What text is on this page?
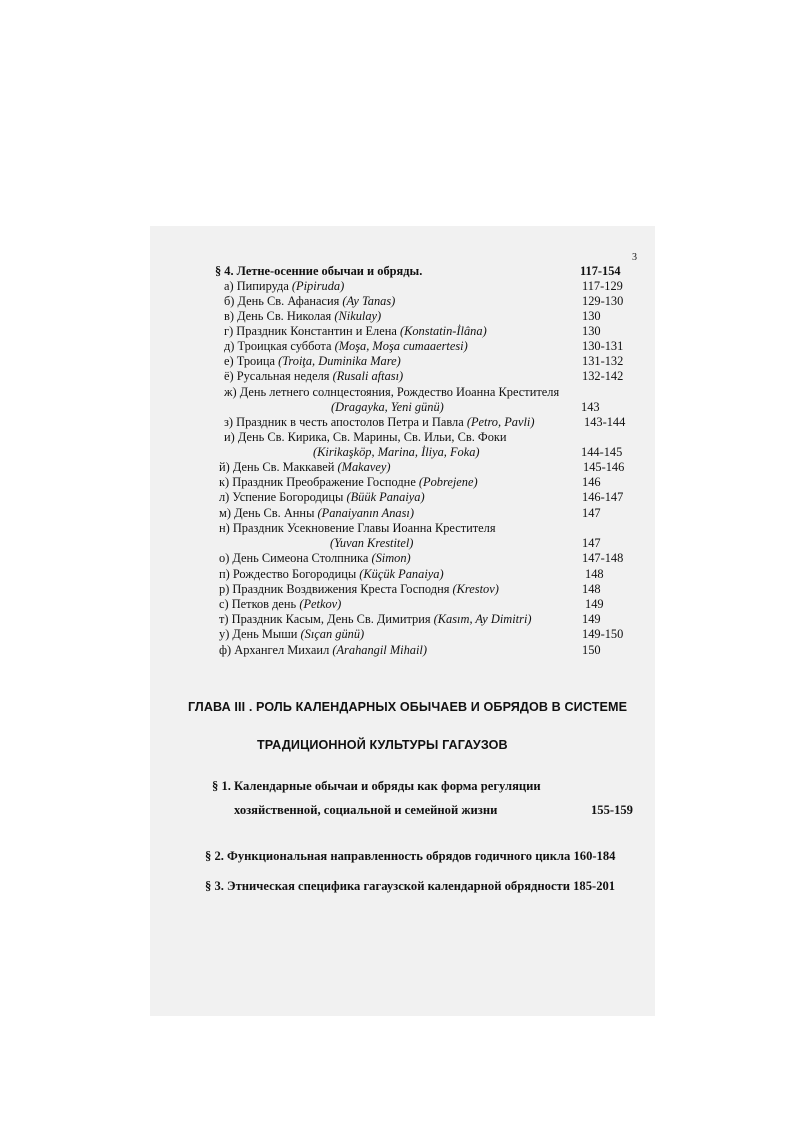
3
§ 4. Летне-осенние обычаи и обряды.	117-154
а) Пипируда (Pipiruda)	117-129
б) День Св. Афанасия (Ay Tanas)	129-130
в) День Св. Николая (Nikulay)	130
г) Праздник Константин и Елена (Konstatin-İlâna)	130
д) Троицкая суббота (Moşa, Moşa cumaaertesi)	130-131
е) Троица (Troiţa, Duminika Mare)	131-132
ё) Русальная неделя (Rusali aftası)	132-142
ж) День летнего солнцестояния, Рождество Иоанна Крестителя
(Dragayka, Yeni günü)	143
з) Праздник в честь апостолов Петра и Павла (Petro, Pavli)	143-144
и) День Св. Кирика, Св. Марины, Св. Ильи, Св. Фоки
(Kirikaşköp, Marina, İliya, Foka)	144-145
й) День Св. Маккавей (Makavey)	145-146
к) Праздник Преображение Господне (Pobrejene)	146
л) Успение Богородицы (Büük Panaiya)	146-147
м) День Св. Анны (Panaiyanın Anası)	147
н) Праздник Усекновение Главы Иоанна Крестителя
(Yuvan Krestitel)	147
о) День Симеона Столпника (Simon)	147-148
п) Рождество Богородицы (Küçük Panaiya)	148
р) Праздник Воздвижения Креста Господня (Krestov)	148
с) Петков день (Petkov)	149
т) Праздник Касым, День Св. Димитрия (Kasım, Ay Dimitri)	149
у) День Мыши (Sıçan günü)	149-150
ф) Архангел Михаил (Arahangil Mihail)	150
ГЛАВА III . РОЛЬ КАЛЕНДАРНЫХ ОБЫЧАЕВ И ОБРЯДОВ В СИСТЕМЕ
ТРАДИЦИОННОЙ КУЛЬТУРЫ ГАГАУЗОВ
§ 1. Календарные обычаи и обряды как форма регуляции
хозяйственной, социальной и семейной жизни	155-159
§ 2. Функциональная направленность обрядов годичного цикла 160-184
§ 3. Этническая специфика гагаузской календарной обрядности 185-201
